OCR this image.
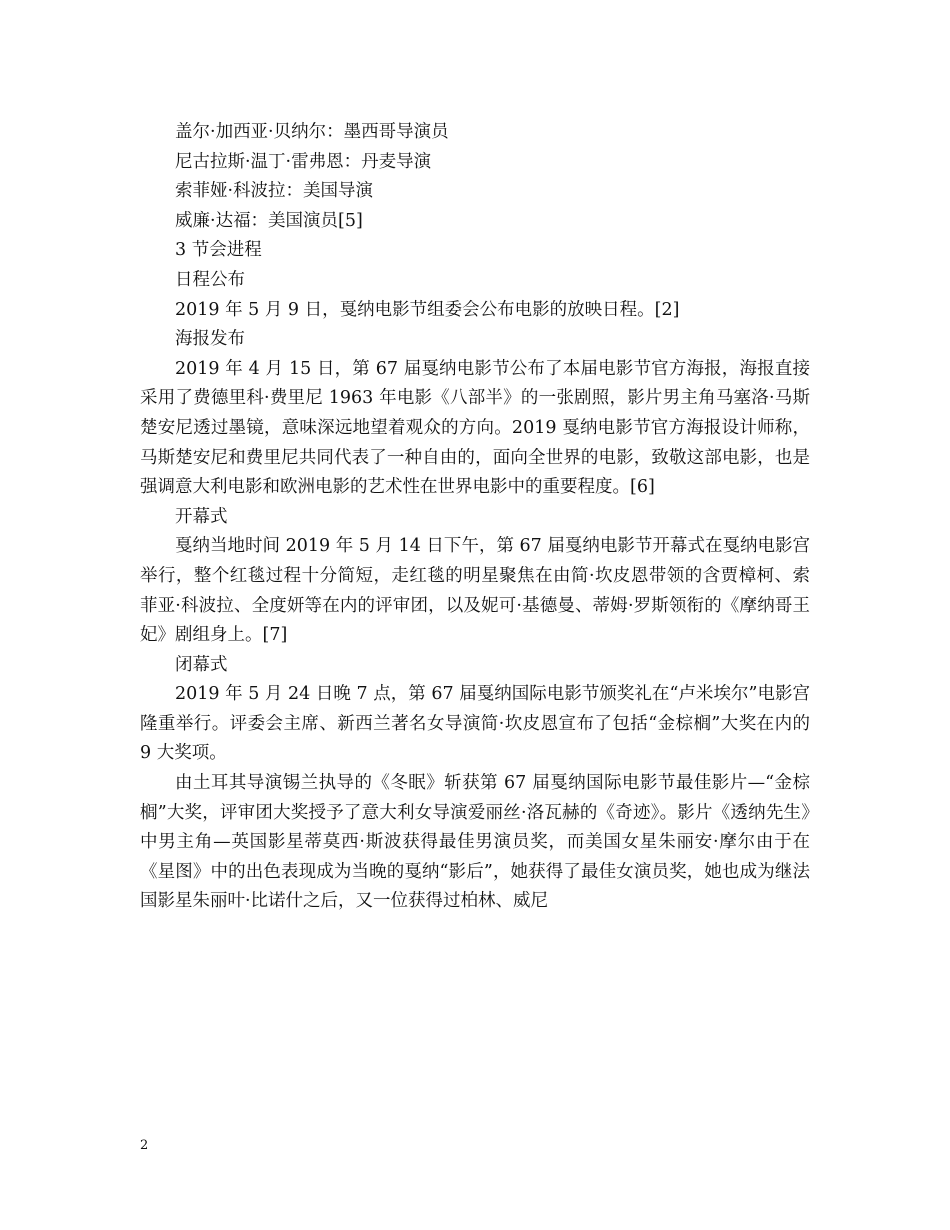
盖尔·加西亚·贝纳尔：墨西哥导演员

尼古拉斯·温丁·雷弗恩：丹麦导演

索菲娅·科波拉：美国导演

威廉·达福：美国演员[5]

3 节会进程

日程公布

2019 年 5 月 9 日，戛纳电影节组委会公布电影的放映日程。[2]

海报发布

2019 年 4 月 15 日，第 67 届戛纳电影节公布了本届电影节官方海报，海报直接采用了费德里科·费里尼 1963 年电影《八部半》的一张剧照，影片男主角马塞洛·马斯楚安尼透过墨镜，意味深远地望着观众的方向。2019 戛纳电影节官方海报设计师称，马斯楚安尼和费里尼共同代表了一种自由的，面向全世界的电影，致敬这部电影，也是强调意大利电影和欧洲电影的艺术性在世界电影中的重要程度。[6]

开幕式

戛纳当地时间 2019 年 5 月 14 日下午，第 67 届戛纳电影节开幕式在戛纳电影宫举行，整个红毯过程十分简短，走红毯的明星聚焦在由简·坎皮恩带领的含贾樟柯、索菲亚·科波拉、全度妍等在内的评审团，以及妮可·基德曼、蒂姆·罗斯领衔的《摩纳哥王妃》剧组身上。[7]

闭幕式

2019 年 5 月 24 日晚 7 点，第 67 届戛纳国际电影节颁奖礼在“卢米埃尔”电影宫隆重举行。评委会主席、新西兰著名女导演简·坎皮恩宣布了包括“金棕榈”大奖在内的 9 大奖项。

由土耳其导演锡兰执导的《冬眠》斩获第 67 届戛纳国际电影节最佳影片—“金棕榈”大奖，评审团大奖授予了意大利女导演爱丽丝·洛瓦赫的《奇迹》。影片《透纳先生》中男主角—英国影星蒂莫西·斯波获得最佳男演员奖，而美国女星朱丽安·摩尔由于在《星图》中的出色表现成为当晚的戛纳“影后”，她获得了最佳女演员奖，她也成为继法国影星朱丽叶·比诺什之后，又一位获得过柏林、威尼

2
